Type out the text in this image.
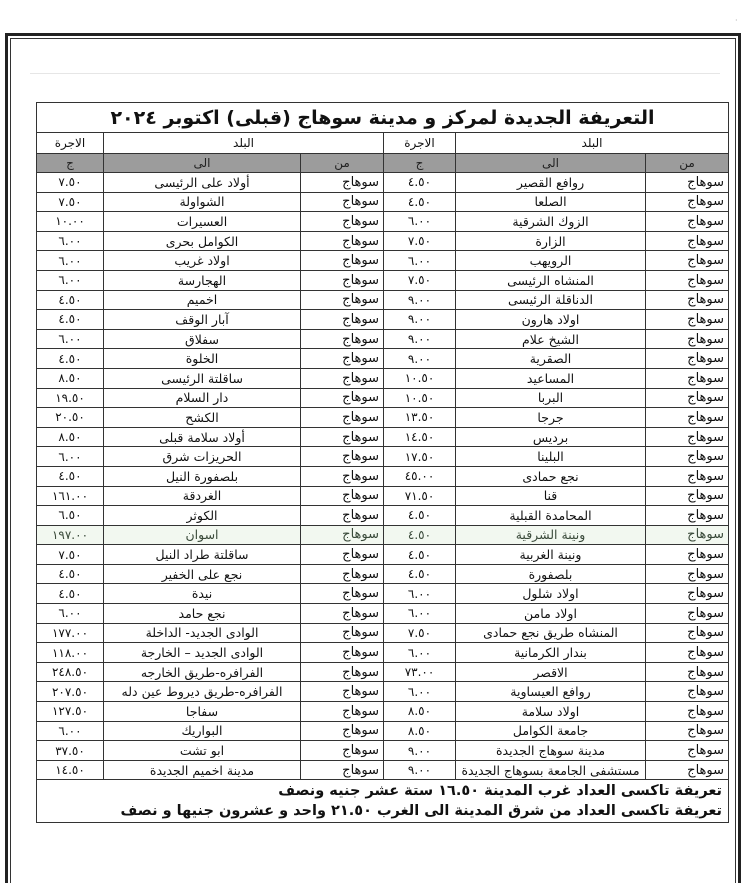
·
التعريفة الجديدة لمركز و مدينة سوهاج (قبلى) اكتوبر ٢٠٢٤					
البلد		الاجرة	البلد		الاجرة
من	الى	ج	من	الى	ج
سوهاج	روافع القصير	٤.٥٠	سوهاج	أولاد على الرئيسى	٧.٥٠
سوهاج	الصلعا	٤.٥٠	سوهاج	الشواولة	٧.٥٠
سوهاج	الزوك الشرقية	٦.٠٠	سوهاج	العسيرات	١٠.٠٠
سوهاج	الزارة	٧.٥٠	سوهاج	الكوامل بحرى	٦.٠٠
سوهاج	الرويهب	٦.٠٠	سوهاج	اولاد غريب	٦.٠٠
سوهاج	المنشاه الرئيسى	٧.٥٠	سوهاج	الهجارسة	٦.٠٠
سوهاج	الدناقلة الرئيسى	٩.٠٠	سوهاج	اخميم	٤.٥٠
سوهاج	اولاد هارون	٩.٠٠	سوهاج	آبار الوقف	٤.٥٠
سوهاج	الشيخ علام	٩.٠٠	سوهاج	سفلاق	٦.٠٠
سوهاج	الصقرية	٩.٠٠	سوهاج	الخلوة	٤.٥٠
سوهاج	المساعيد	١٠.٥٠	سوهاج	ساقلتة الرئيسى	٨.٥٠
سوهاج	البربا	١٠.٥٠	سوهاج	دار السلام	١٩.٥٠
سوهاج	جرجا	١٣.٥٠	سوهاج	الكشح	٢٠.٥٠
سوهاج	برديس	١٤.٥٠	سوهاج	أولاد سلامة قبلى	٨.٥٠
سوهاج	البلينا	١٧.٥٠	سوهاج	الحريزات شرق	٦.٠٠
سوهاج	نجع حمادى	٤٥.٠٠	سوهاج	بلصفورة النيل	٤.٥٠
سوهاج	قنا	٧١.٥٠	سوهاج	الغردقة	١٦١.٠٠
سوهاج	المحامدة القبلية	٤.٥٠	سوهاج	الكوثر	٦.٥٠
سوهاج	ونينة الشرقية	٤.٥٠	سوهاج	اسوان	١٩٧.٠٠
سوهاج	ونينة الغربية	٤.٥٠	سوهاج	ساقلتة طراد النيل	٧.٥٠
سوهاج	بلصفورة	٤.٥٠	سوهاج	نجع على الخفير	٤.٥٠
سوهاج	اولاد شلول	٦.٠٠	سوهاج	نيدة	٤.٥٠
سوهاج	اولاد مامن	٦.٠٠	سوهاج	نجع حامد	٦.٠٠
سوهاج	المنشاه طريق نجع حمادى	٧.٥٠	سوهاج	الوادى الجديد- الداخلة	١٧٧.٠٠
سوهاج	بندار الكرمانية	٦.٠٠	سوهاج	الوادى الجديد – الخارجة	١١٨.٠٠
سوهاج	الاقصر	٧٣.٠٠	سوهاج	الفرافره-طريق الخارجه	٢٤٨.٥٠
سوهاج	روافع العيساوية	٦.٠٠	سوهاج	الفرافره-طريق ديروط عين دله	٢٠٧.٥٠
سوهاج	اولاد سلامة	٨.٥٠	سوهاج	سفاجا	١٢٧.٥٠
سوهاج	جامعة الكوامل	٨.٥٠	سوهاج	البواريك	٦.٠٠
سوهاج	مدينة سوهاج الجديدة	٩.٠٠	سوهاج	ابو تشت	٣٧.٥٠
سوهاج	مستشفى الجامعة بسوهاج الجديدة	٩.٠٠	سوهاج	مدينة اخميم الجديدة	١٤.٥٠

تعريفة تاكسى العداد غرب المدينة ١٦.٥٠ ستة عشر جنيه ونصف
تعريفة تاكسى العداد من شرق المدينة الى الغرب ٢١.٥٠ واحد و عشرون جنيها و نصف					
